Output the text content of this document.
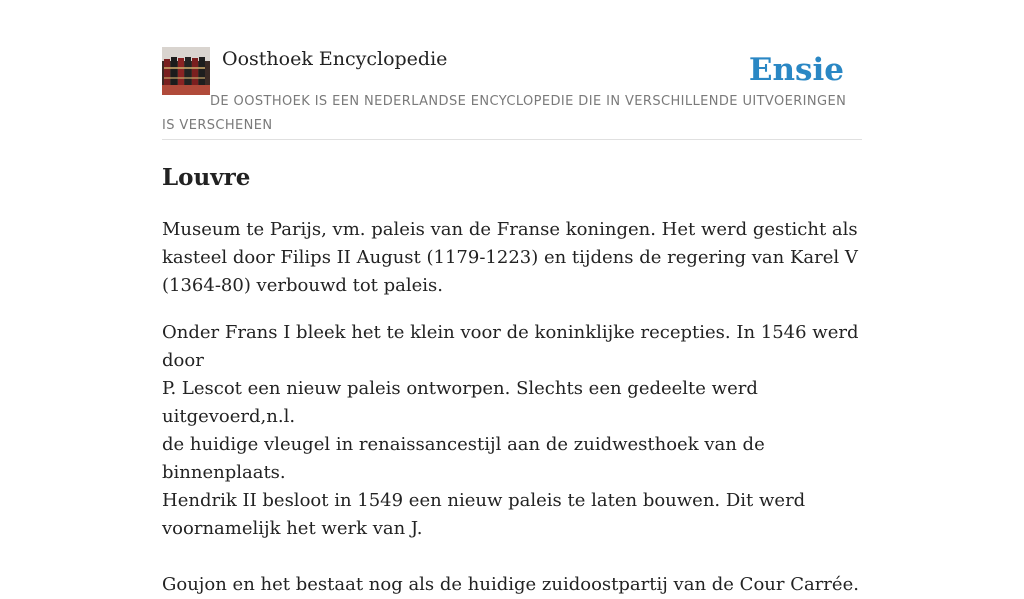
Oosthoek Encyclopedie	Ensie
DE OOSTHOEK IS EEN NEDERLANDSE ENCYCLOPEDIE DIE IN VERSCHILLENDE UITVOERINGEN IS VERSCHENEN
Louvre

Museum te Parijs, vm. paleis van de Franse koningen. Het werd gesticht als
kasteel door Filips II August (1179-1223) en tijdens de regering van Karel V
(1364-80) verbouwd tot paleis.

Onder Frans I bleek het te klein voor de koninklijke recepties. In 1546 werd door
P. Lescot een nieuw paleis ontworpen. Slechts een gedeelte werd uitgevoerd,n.l.
de huidige vleugel in renaissancestijl aan de zuidwesthoek van de binnenplaats.
Hendrik II besloot in 1549 een nieuw paleis te laten bouwen. Dit werd
voornamelijk het werk van J.

Goujon en het bestaat nog als de huidige zuidoostpartij van de Cour Carrée.
